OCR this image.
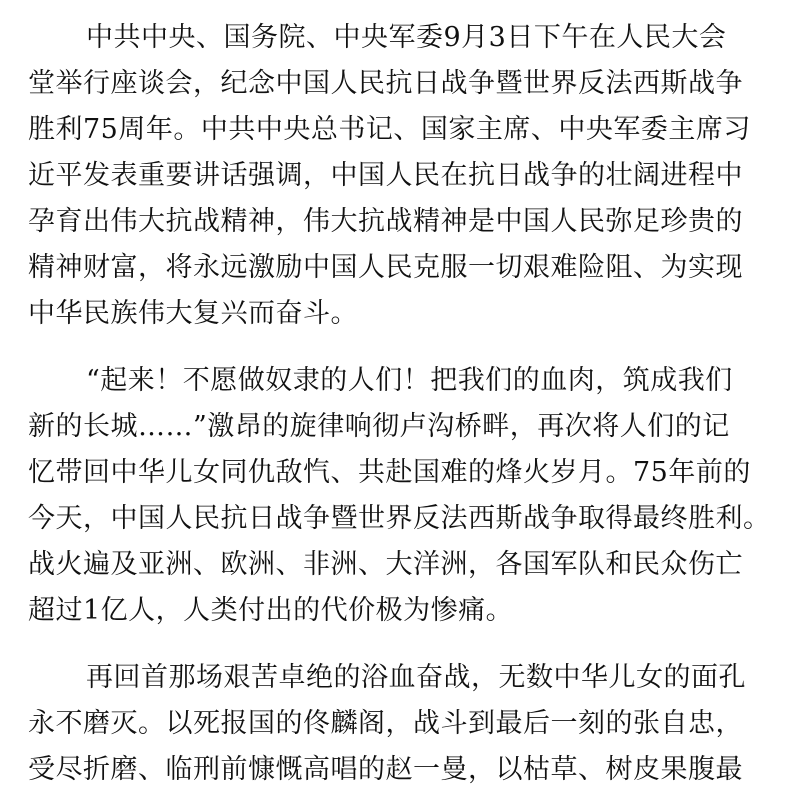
中共中央、国务院、中央军委9月3日下午在人民大会
堂举行座谈会，纪念中国人民抗日战争暨世界反法西斯战争
胜利75周年。中共中央总书记、国家主席、中央军委主席习
近平发表重要讲话强调，中国人民在抗日战争的壮阔进程中
孕育出伟大抗战精神，伟大抗战精神是中国人民弥足珍贵的
精神财富，将永远激励中国人民克服一切艰难险阻、为实现
中华民族伟大复兴而奋斗。
“起来！不愿做奴隶的人们！把我们的血肉，筑成我们
新的长城……”激昂的旋律响彻卢沟桥畔，再次将人们的记
忆带回中华儿女同仇敌忾、共赴国难的烽火岁月。75年前的
今天，中国人民抗日战争暨世界反法西斯战争取得最终胜利。
战火遍及亚洲、欧洲、非洲、大洋洲，各国军队和民众伤亡
超过1亿人，人类付出的代价极为惨痛。
再回首那场艰苦卓绝的浴血奋战，无数中华儿女的面孔
永不磨灭。以死报国的佟麟阁，战斗到最后一刻的张自忠，
受尽折磨、临刑前慷慨高唱的赵一曼，以枯草、树皮果腹最
